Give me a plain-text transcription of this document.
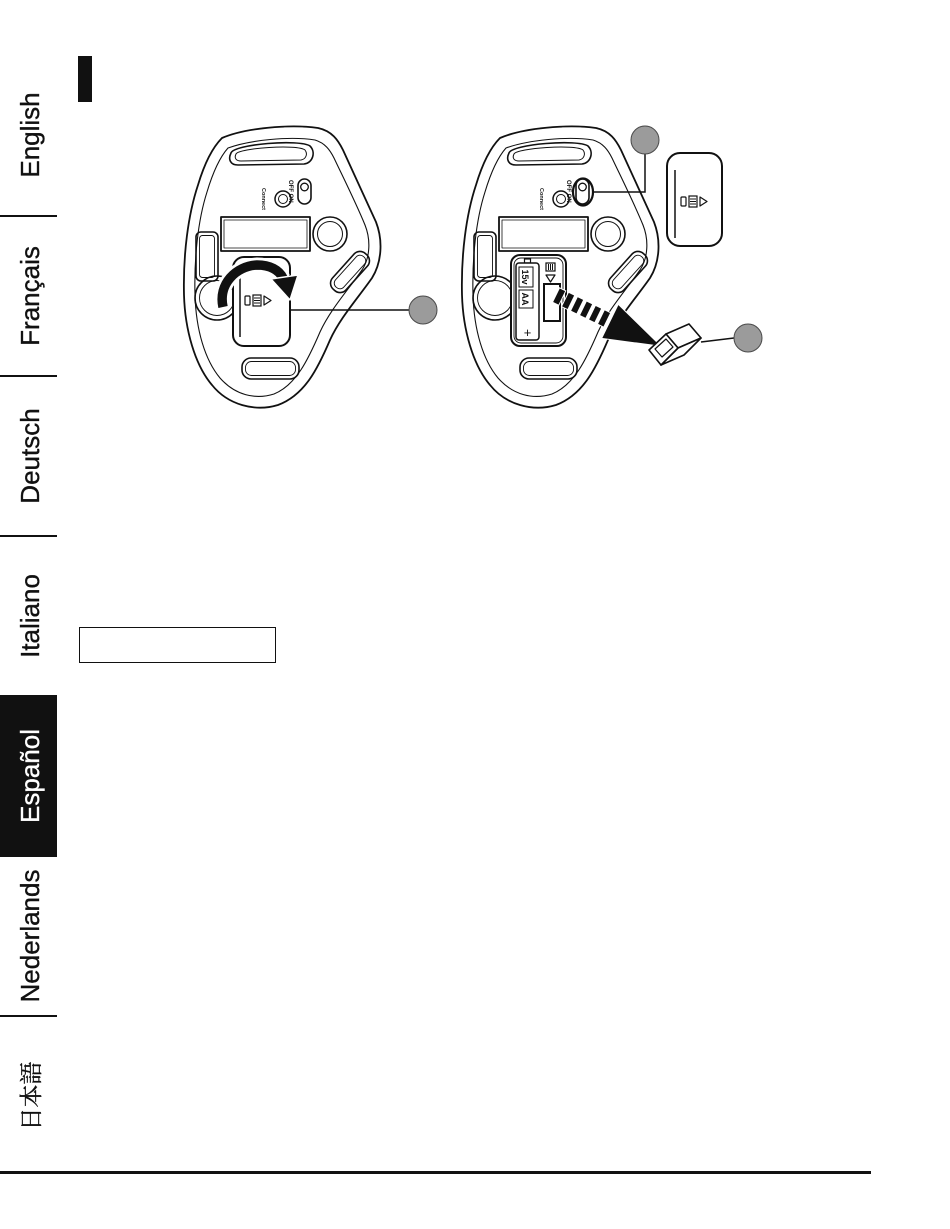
English
Français
Deutsch
Italiano
Español
Nederlands
日本語
OFF ON
Connect	OFF ON
Connect
15v
AA
+
